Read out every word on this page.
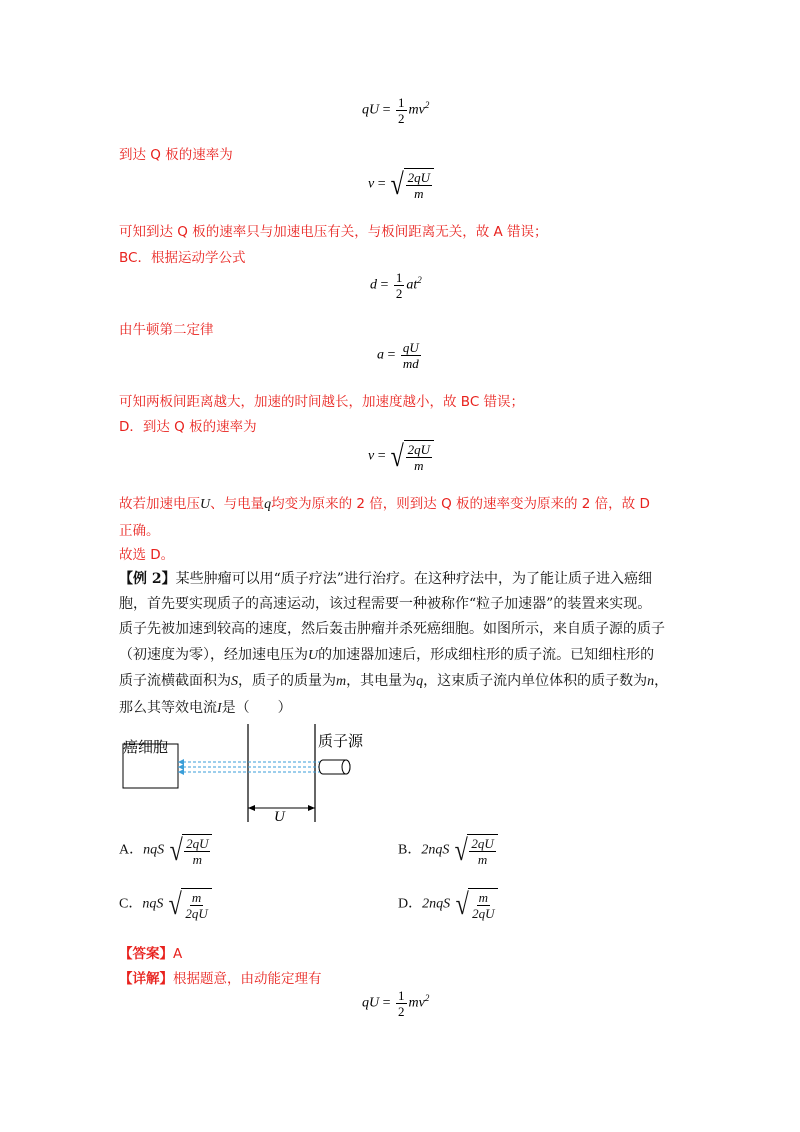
qU = $\frac{1}{2} mv^2$
到达 Q 板的速率为
v = √ $\frac{2qU}{m}$
可知到达 Q 板的速率只与加速电压有关，与板间距离无关，故 A 错误；
BC．根据运动学公式
$d = \frac{1}{2} at^2$
由牛顿第二定律
$a = \frac{qU}{md}$
可知两板间距离越大，加速的时间越长，加速度越小，故 BC 错误；
D．到达 Q 板的速率为
v = √ $\frac{2qU}{m}$
故若加速电压U、与电量q均变为原来的 2 倍，则到达 Q 板的速率变为原来的 2 倍，故 D
正确。
故选 D。
【例 2】某些肿瘤可以用“质子疗法”进行治疗。在这种疗法中，为了能让质子进入癌细
胞，首先要实现质子的高速运动，该过程需要一种被称作“粒子加速器”的装置来实现。
质子先被加速到较高的速度，然后轰击肿瘤并杀死癌细胞。如图所示，来自质子源的质子
（初速度为零），经加速电压为U的加速器加速后，形成细柱形的质子流。已知细柱形的
质子流横截面积为S，质子的质量为m，其电量为q，这束质子流内单位体积的质子数为n，
那么其等效电流I是（　　）
癌细胞	质子源
U
A．nqS √ $\frac{2qU}{m}$	B．2nqS √ $\frac{2qU}{m}$
C．nqS √ $\frac{m}{2qU}$	D．2nqS √ $\frac{m}{2qU}$
【答案】A
【详解】根据题意，由动能定理有
qU = $\frac{1}{2} mv^2$
